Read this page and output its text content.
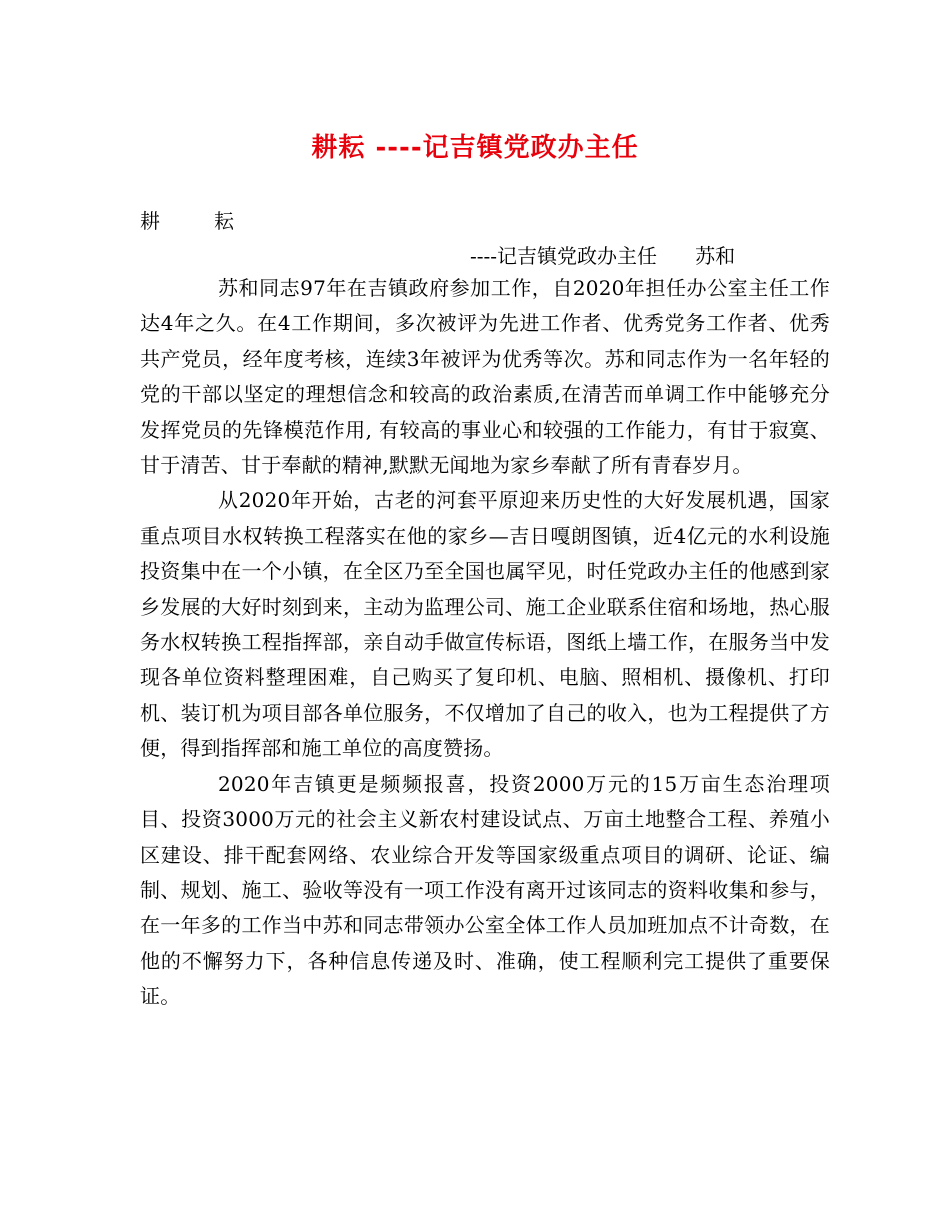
耕耘 ----记吉镇党政办主任
耕耘
----记吉镇党政办主任      苏和

苏和同志97年在吉镇政府参加工作，自2020年担任办公室主任工作达4年之久。在4工作期间，多次被评为先进工作者、优秀党务工作者、优秀共产党员，经年度考核，连续3年被评为优秀等次。苏和同志作为一名年轻的党的干部以坚定的理想信念和较高的政治素质,在清苦而单调工作中能够充分发挥党员的先锋模范作用, 有较高的事业心和较强的工作能力，有甘于寂寞、甘于清苦、甘于奉献的精神,默默无闻地为家乡奉献了所有青春岁月。

从2020年开始，古老的河套平原迎来历史性的大好发展机遇，国家重点项目水权转换工程落实在他的家乡—吉日嘎朗图镇，近4亿元的水利设施投资集中在一个小镇，在全区乃至全国也属罕见，时任党政办主任的他感到家乡发展的大好时刻到来，主动为监理公司、施工企业联系住宿和场地，热心服务水权转换工程指挥部，亲自动手做宣传标语，图纸上墙工作，在服务当中发现各单位资料整理困难，自己购买了复印机、电脑、照相机、摄像机、打印机、装订机为项目部各单位服务，不仅增加了自己的收入，也为工程提供了方便，得到指挥部和施工单位的高度赞扬。

2020年吉镇更是频频报喜，投资2000万元的15万亩生态治理项目、投资3000万元的社会主义新农村建设试点、万亩土地整合工程、养殖小区建设、排干配套网络、农业综合开发等国家级重点项目的调研、论证、编制、规划、施工、验收等没有一项工作没有离开过该同志的资料收集和参与，在一年多的工作当中苏和同志带领办公室全体工作人员加班加点不计奇数，在他的不懈努力下，各种信息传递及时、准确，使工程顺利完工提供了重要保证。
